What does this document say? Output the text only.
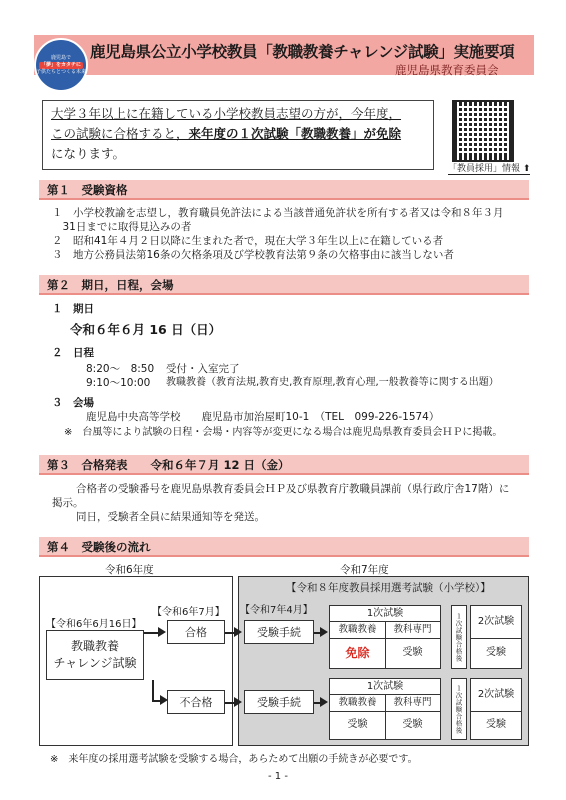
鹿児島で
「夢」をカタチに
子供たちとつくる未来
鹿児島県公立小学校教員「教職教養チャレンジ試験」実施要項
鹿児島県教育委員会
大学３年以上に在籍している小学校教員志望の方が，今年度，
この試験に合格すると，来年度の１次試験「教職教養」が免除
になります。
「教員採用」情報 ⬆
第１　受験資格
１　小学校教諭を志望し，教育職員免許法による当該普通免許状を所有する者又は令和８年３月
　31日までに取得見込みの者
２　昭和41年４月２日以降に生まれた者で，現在大学３年生以上に在籍している者
３　地方公務員法第16条の欠格条項及び学校教育法第９条の欠格事由に該当しない者
第２　期日，日程，会場
１　期日
令和６年６月 16 日（日）
２　日程
8:20～　8:50 受付・入室完了
9:10～10:00 教職教養（教育法規,教育史,教育原理,教育心理,一般教養等に関する出題）
３　会場
鹿児島中央高等学校　　鹿児島市加治屋町10-1　（TEL　099-226-1574）
※　台風等により試験の日程・会場・内容等が変更になる場合は鹿児島県教育委員会ＨＰに掲載。
第３　合格発表　　令和６年７月 12 日（金）
合格者の受験番号を鹿児島県教育委員会ＨＰ及び県教育庁教職員課前（県行政庁舎17階）に
掲示。
同日，受験者全員に結果通知等を発送。
第４　受験後の流れ
令和6年度	令和7年度
【令和８年度教員採用選考試験（小学校）】
【令和6年6月16日】
【令和6年7月】 【令和7年4月】
教職教養
チャレンジ試験
合格
不合格
受験手続
受験手続
1次試験
教職教養	教科専門
免除	受験	１次試験合格後	2次試験
受験
1次試験
教職教養	教科専門
受験	受験	１次試験合格後	2次試験
受験
※　来年度の採用選考試験を受験する場合，あらためて出願の手続きが必要です。
- 1 -
